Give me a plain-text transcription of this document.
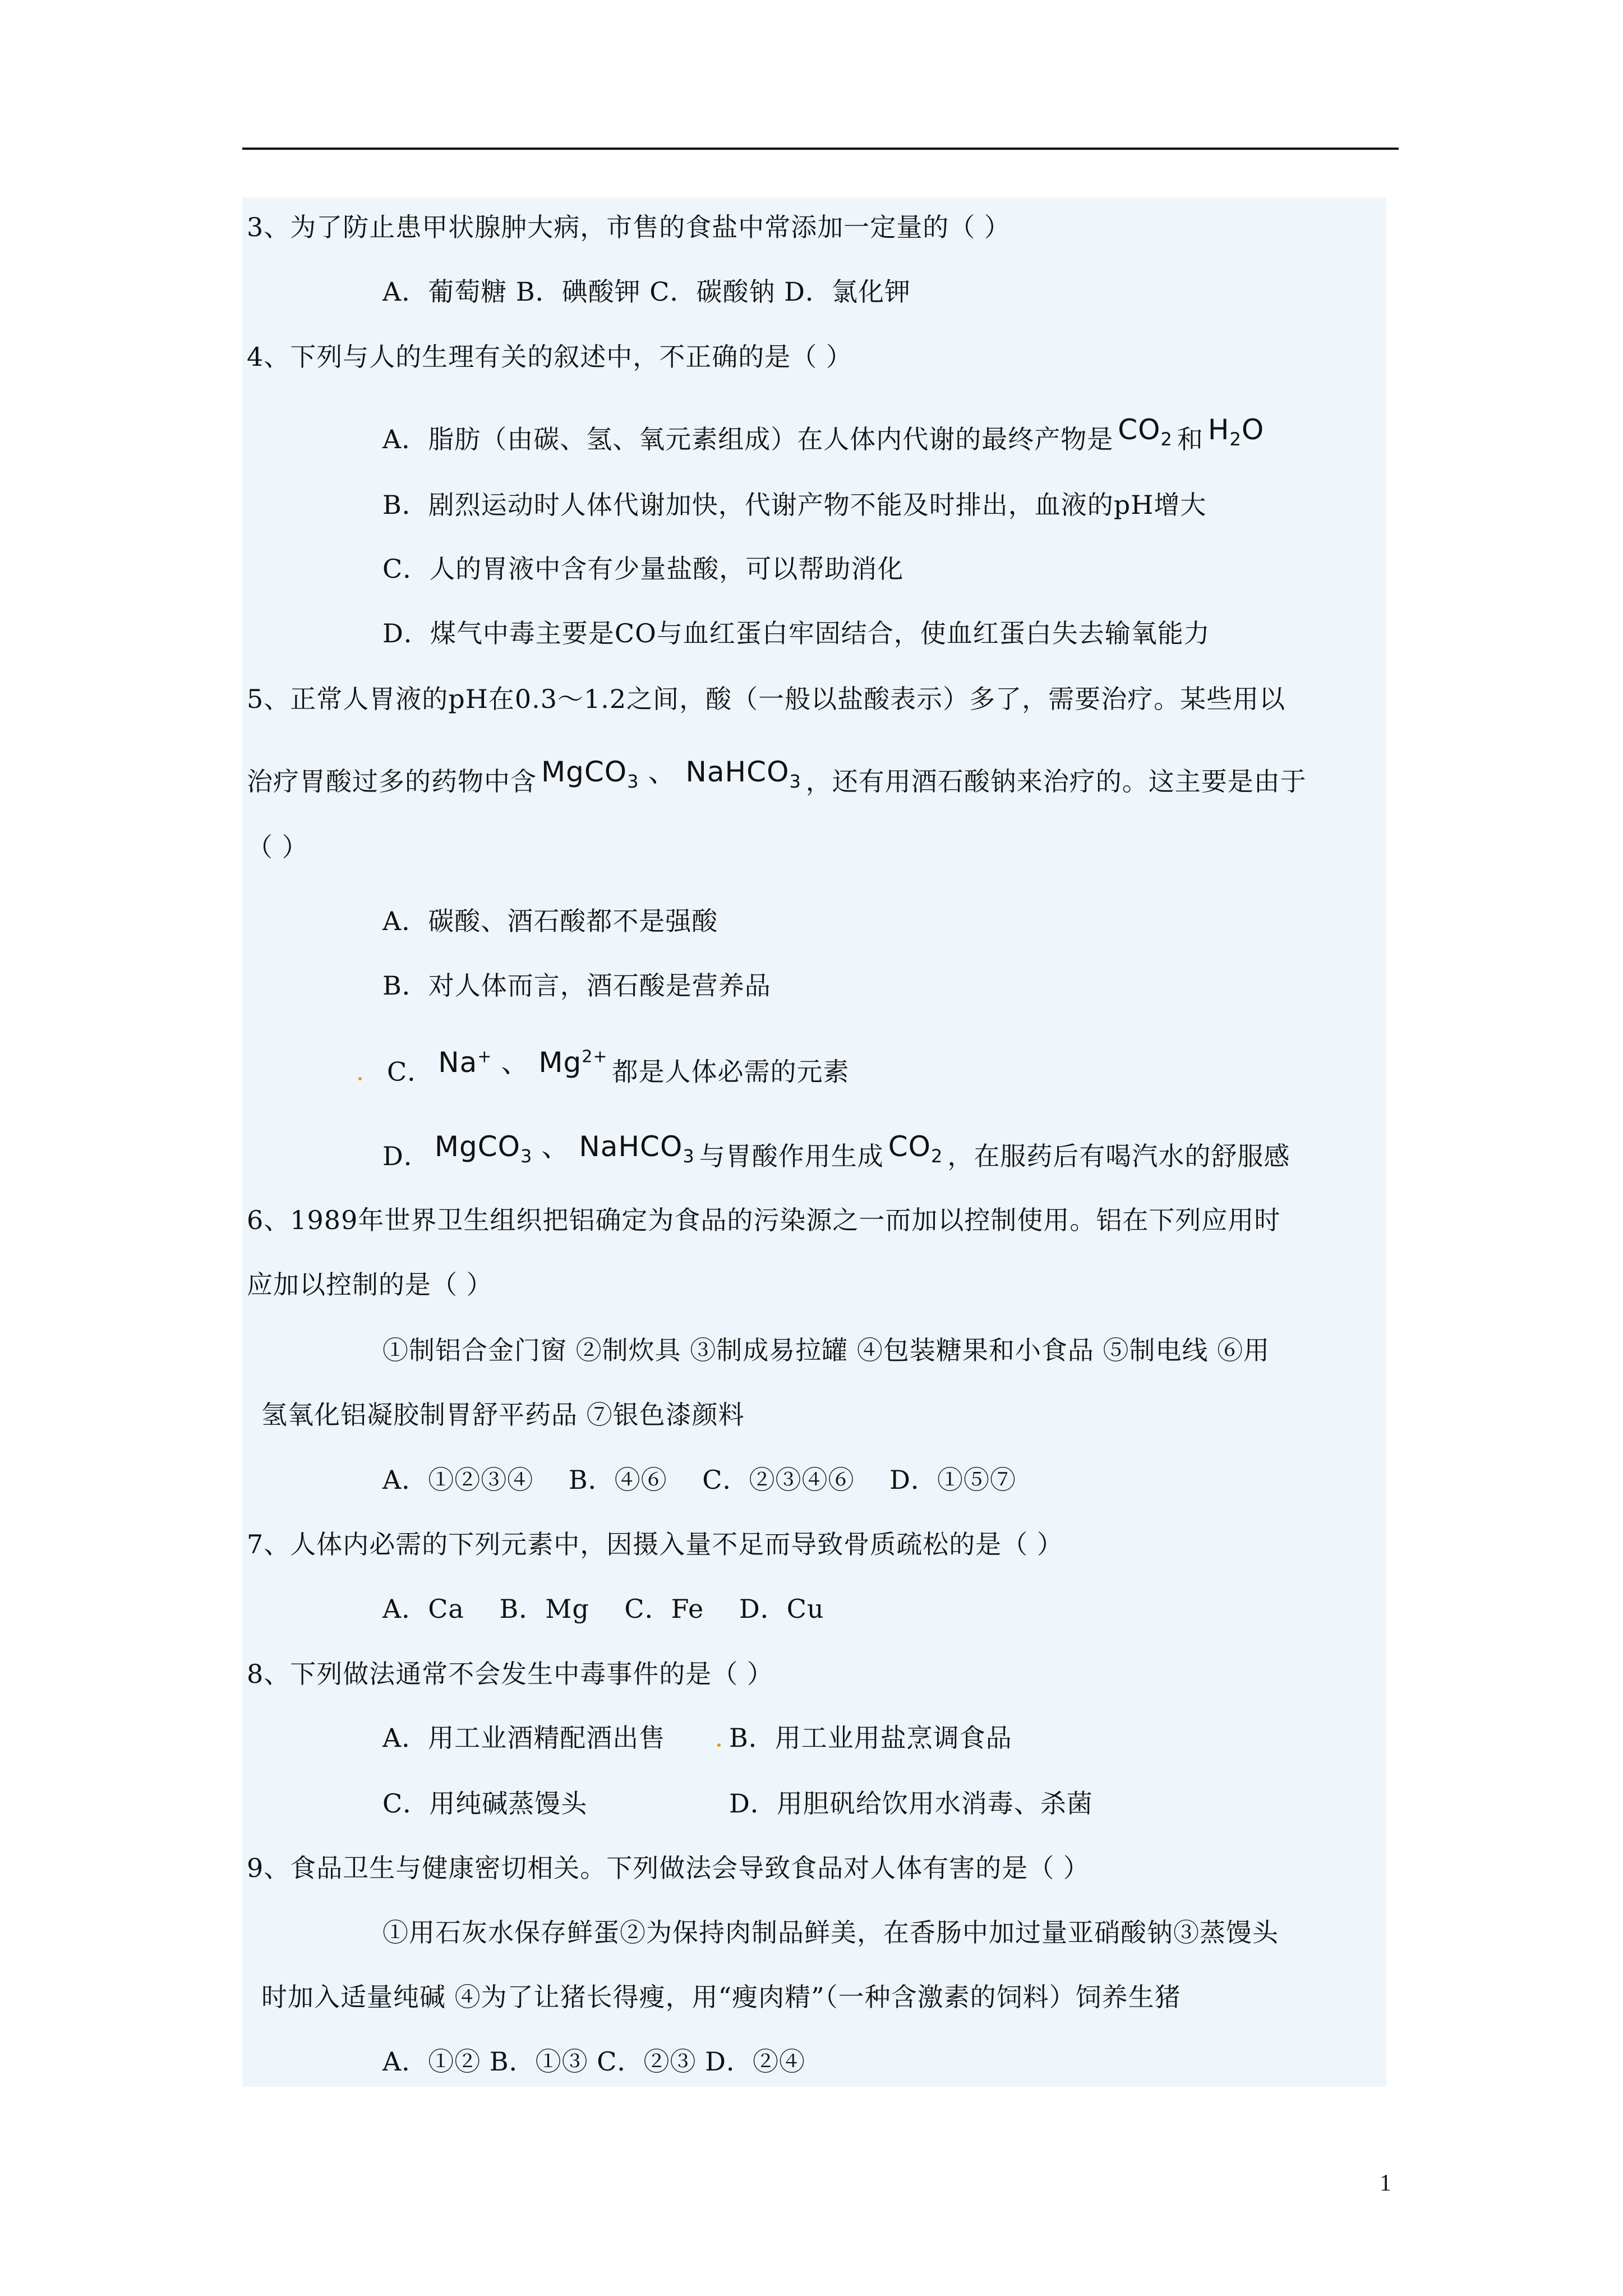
3、为了防止患甲状腺肿大病，市售的食盐中常添加一定量的（ ）
A．葡萄糖 B．碘酸钾 C．碳酸钠 D．氯化钾
4、下列与人的生理有关的叙述中，不正确的是（ ）
A．脂肪（由碳、氢、氧元素组成）在人体内代谢的最终产物是 $CO_2$ 和 $H_2O$
B．剧烈运动时人体代谢加快，代谢产物不能及时排出，血液的pH增大
C．人的胃液中含有少量盐酸，可以帮助消化
D．煤气中毒主要是CO与血红蛋白牢固结合，使血红蛋白失去输氧能力
5、正常人胃液的pH在0.3～1.2之间，酸（一般以盐酸表示）多了，需要治疗。某些用以
治疗胃酸过多的药物中含 MgCO$_3$ 、 NaHCO$_3$ ，还有用酒石酸钠来治疗的。这主要是由于
（ ）
A．碳酸、酒石酸都不是强酸
B．对人体而言，酒石酸是营养品
C． Na+ 、 $Mg^{2+}$都是人体必需的元素
D． MgCO$_3$ 、 NaHCO$_3$ 与胃酸作用生成 $CO_2$ ，在服药后有喝汽水的舒服感
6、1989年世界卫生组织把铝确定为食品的污染源之一而加以控制使用。铝在下列应用时
应加以控制的是（ ）
①制铝合金门窗 ②制炊具 ③制成易拉罐 ④包装糖果和小食品 ⑤制电线 ⑥用
氢氧化铝凝胶制胃舒平药品 ⑦银色漆颜料
A．①②③④　 B．④⑥　 C．②③④⑥　 D．①⑤⑦
7、人体内必需的下列元素中，因摄入量不足而导致骨质疏松的是（ ）
A．Ca　 B．Mg　 C．Fe　 D．Cu
8、下列做法通常不会发生中毒事件的是（ ）
A．用工业酒精配酒出售 B．用工业用盐烹调食品
C．用纯碱蒸馒头	D．用胆矾给饮用水消毒、杀菌
9、食品卫生与健康密切相关。下列做法会导致食品对人体有害的是（ ）
①用石灰水保存鲜蛋②为保持肉制品鲜美，在香肠中加过量亚硝酸钠③蒸馒头
时加入适量纯碱 ④为了让猪长得瘦，用“瘦肉精”（一种含激素的饲料）饲养生猪
A．①② B．①③ C．②③ D．②④
1
